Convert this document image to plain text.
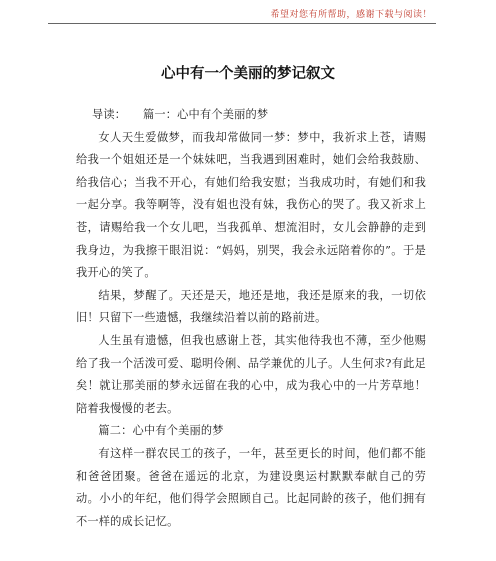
希望对您有所帮助，感谢下载与阅读！
心中有一个美丽的梦记叙文

导读： 篇一：心中有个美丽的梦

女人天生爱做梦，而我却常做同一梦：梦中，我祈求上苍，请赐给我一个姐姐还是一个妹妹吧，当我遇到困难时，她们会给我鼓励、给我信心；当我不开心，有她们给我安慰；当我成功时，有她们和我一起分享。我等啊等，没有姐也没有妹，我伤心的哭了。我又祈求上苍，请赐给我一个女儿吧，当我孤单、想流泪时，女儿会静静的走到我身边，为我擦干眼泪说：“妈妈，别哭，我会永远陪着你的”。于是我开心的笑了。

结果，梦醒了。天还是天，地还是地，我还是原来的我，一切依旧！只留下一些遗憾，我继续沿着以前的路前进。

人生虽有遗憾，但我也感谢上苍，其实他待我也不薄，至少他赐给了我一个活泼可爱、聪明伶俐、品学兼优的儿子。人生何求?有此足矣！就让那美丽的梦永远留在我的心中，成为我心中的一片芳草地！陪着我慢慢的老去。

篇二：心中有个美丽的梦

有这样一群农民工的孩子，一年，甚至更长的时间，他们都不能和爸爸团聚。爸爸在遥远的北京，为建设奥运村默默奉献自己的劳动。小小的年纪，他们得学会照顾自己。比起同龄的孩子，他们拥有不一样的成长记忆。
